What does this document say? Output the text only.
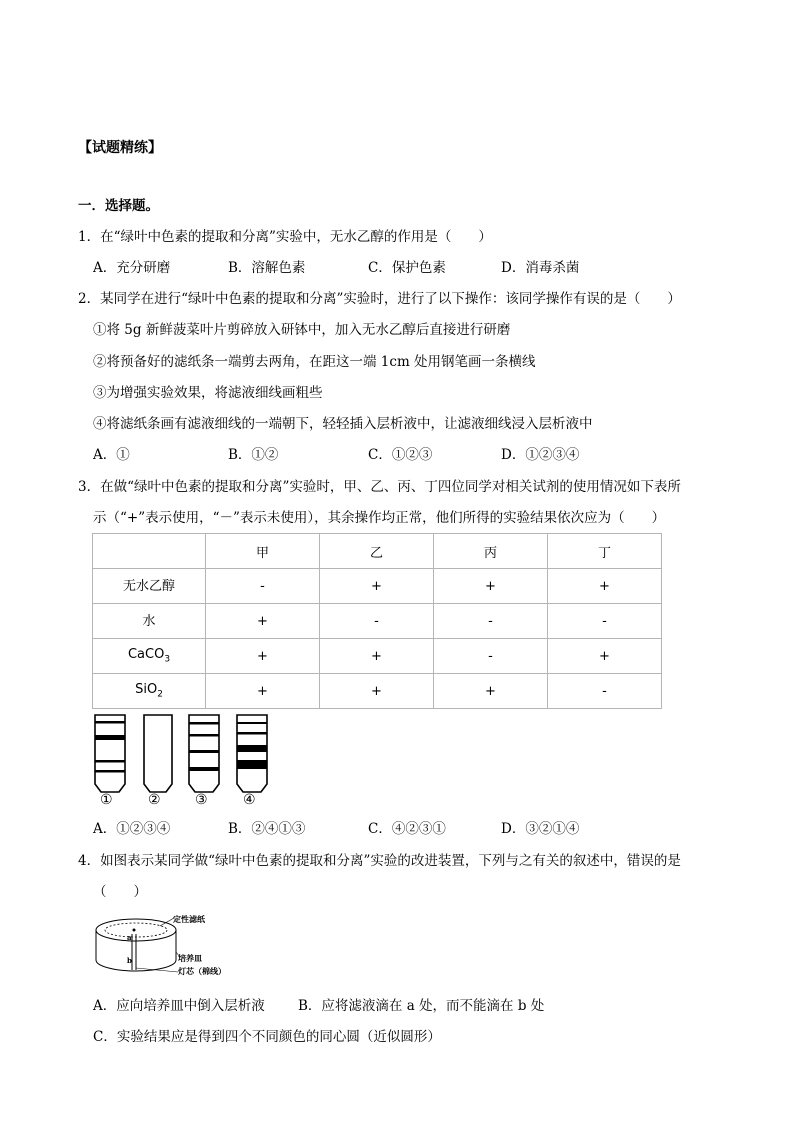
【试题精练】
一．选择题。
1．在“绿叶中色素的提取和分离”实验中，无水乙醇的作用是（　　）
A．充分研磨	B．溶解色素	C．保护色素	D．消毒杀菌
2．某同学在进行“绿叶中色素的提取和分离”实验时，进行了以下操作：该同学操作有误的是（　　）
①将 5g 新鲜菠菜叶片剪碎放入研钵中，加入无水乙醇后直接进行研磨
②将预备好的滤纸条一端剪去两角，在距这一端 1cm 处用钢笔画一条横线
③为增强实验效果，将滤液细线画粗些
④将滤纸条画有滤液细线的一端朝下，轻轻插入层析液中，让滤液细线浸入层析液中
A．①	B．①②	C．①②③	D．①②③④
3．在做“绿叶中色素的提取和分离”实验时，甲、乙、丙、丁四位同学对相关试剂的使用情况如下表所
示（“+”表示使用，“－”表示未使用），其余操作均正常，他们所得的实验结果依次应为（　　）
	甲	乙	丙	丁
无水乙醇	-	+	+	+
水	+	-	-	-
CaCO$_3$	+	+	-	+
SiO$_2$	+	+	+	-
①	② ③	④
A．①②③④	B．②④①③	C．④②③①	D．③②①④
4．如图表示某同学做“绿叶中色素的提取和分离”实验的改进装置，下列与之有关的叙述中，错误的是
（　　）
定性滤纸
培养皿
灯芯（棉线）
a
b
A．应向培养皿中倒入层析液 B．应将滤液滴在 a 处，而不能滴在 b 处
C．实验结果应是得到四个不同颜色的同心圆（近似圆形）
